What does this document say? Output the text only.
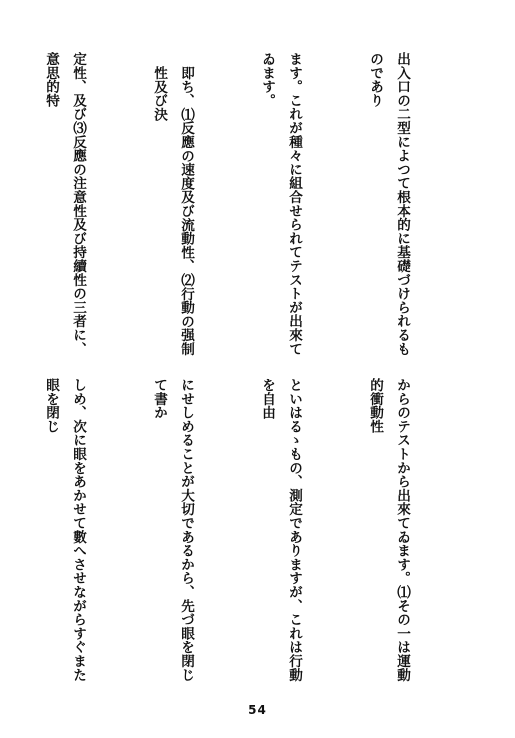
出入口の二型によつて根本的に基礎づけられるものであり

ます。これが種々に組合せられてテストが出來てゐます。

即ち、⑴反應の速度及び流動性、⑵行動の强制性及び決

定性、及び⑶反應の注意性及び持續性の三者に、意思的特

からのテストから出來てゐます。⑴その一は運動的衝動性

といはるゝもの、測定でありますが、これは行動を自由

にせしめることが大切であるから、先づ眼を閉じて書か

しめ、次に眼をあかせて數へさせながらすぐまた眼を閉じ

54
